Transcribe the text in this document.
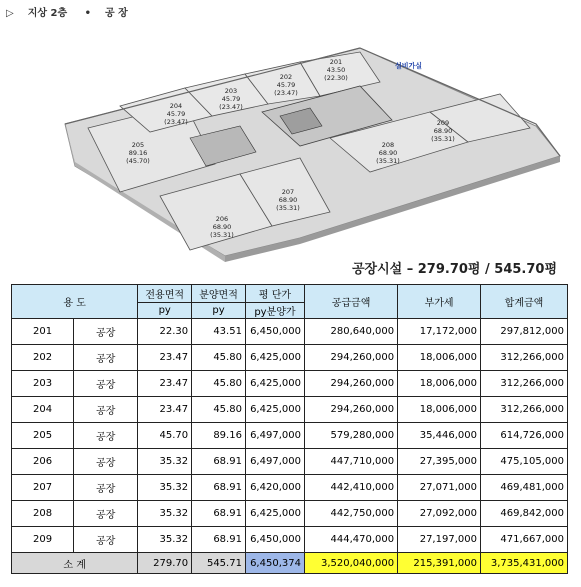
▷ 지상 2층 • 공 장
201 43.50 (22.30)
202 45.79 (23.47)
203 45.79 (23.47)
204 45.79 (23.47)
205 89.16 (45.70)
206 68.90 (35.31)
207 68.90 (35.31)
208 68.90 (35.31)
209 68.90 (35.31)
설비가실
공장시설 – 279.70평 / 545.70평
용 도		전용면적	분양면적	평 단가	공급금액	부가세	합계금액
		py	py	py분양가			
201	공장	22.30	43.51	6,450,000	280,640,000	17,172,000	297,812,000
202	공장	23.47	45.80	6,425,000	294,260,000	18,006,000	312,266,000
203	공장	23.47	45.80	6,425,000	294,260,000	18,006,000	312,266,000
204	공장	23.47	45.80	6,425,000	294,260,000	18,006,000	312,266,000
205	공장	45.70	89.16	6,497,000	579,280,000	35,446,000	614,726,000
206	공장	35.32	68.91	6,497,000	447,710,000	27,395,000	475,105,000
207	공장	35.32	68.91	6,420,000	442,410,000	27,071,000	469,481,000
208	공장	35.32	68.91	6,425,000	442,750,000	27,092,000	469,842,000
209	공장	35.32	68.91	6,450,000	444,470,000	27,197,000	471,667,000
소 계		279.70	545.71	6,450,374	3,520,040,000	215,391,000	3,735,431,000
